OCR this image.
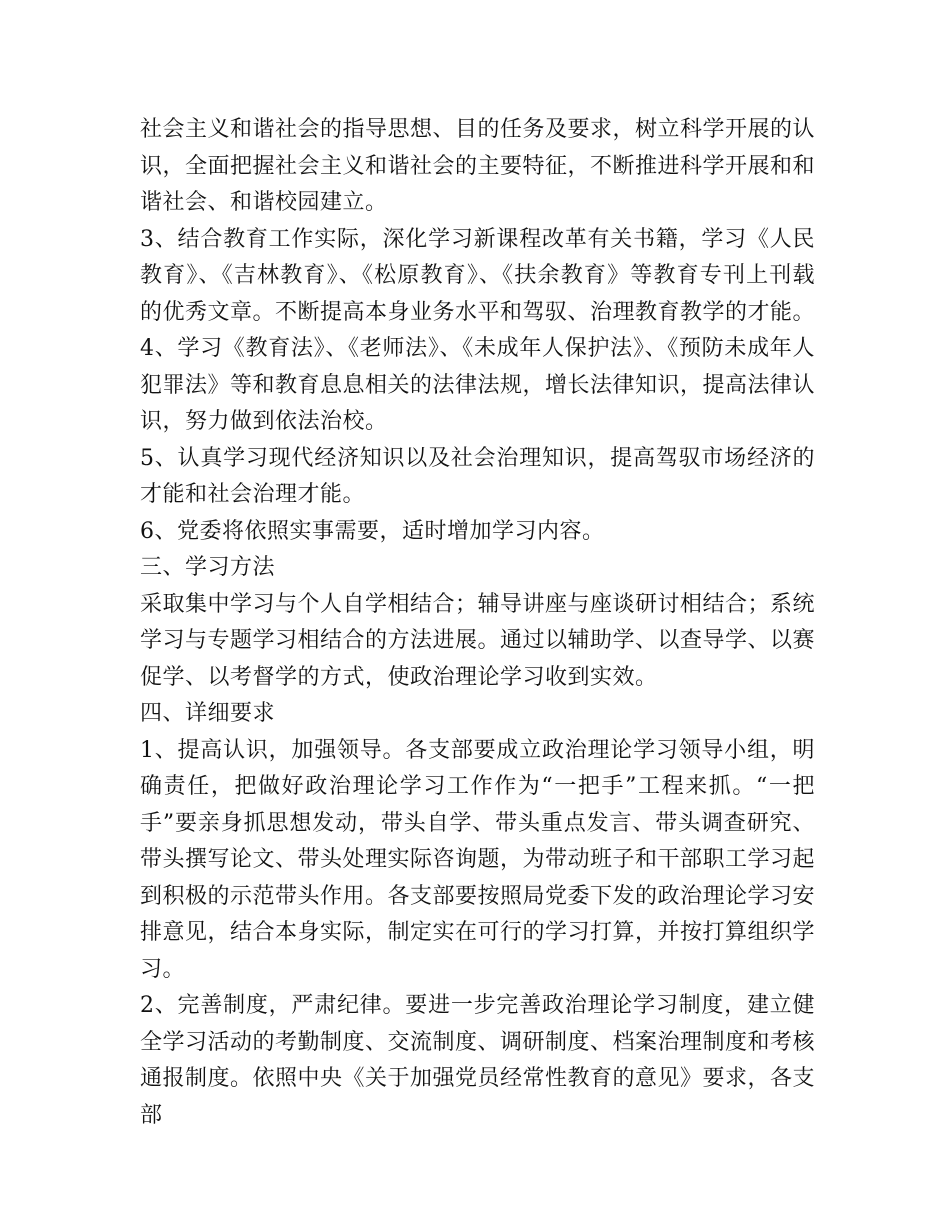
社会主义和谐社会的指导思想、目的任务及要求，树立科学开展的认识，全面把握社会主义和谐社会的主要特征，不断推进科学开展和和谐社会、和谐校园建立。

3、结合教育工作实际，深化学习新课程改革有关书籍，学习《人民教育》、《吉林教育》、《松原教育》、《扶余教育》等教育专刊上刊载的优秀文章。不断提高本身业务水平和驾驭、治理教育教学的才能。

4、学习《教育法》、《老师法》、《未成年人保护法》、《预防未成年人犯罪法》等和教育息息相关的法律法规，增长法律知识，提高法律认识，努力做到依法治校。

5、认真学习现代经济知识以及社会治理知识，提高驾驭市场经济的才能和社会治理才能。

6、党委将依照实事需要，适时增加学习内容。

三、学习方法

采取集中学习与个人自学相结合；辅导讲座与座谈研讨相结合；系统学习与专题学习相结合的方法进展。通过以辅助学、以查导学、以赛促学、以考督学的方式，使政治理论学习收到实效。

四、详细要求

1、提高认识，加强领导。各支部要成立政治理论学习领导小组，明确责任，把做好政治理论学习工作作为“一把手”工程来抓。“一把手”要亲身抓思想发动，带头自学、带头重点发言、带头调查研究、带头撰写论文、带头处理实际咨询题，为带动班子和干部职工学习起到积极的示范带头作用。各支部要按照局党委下发的政治理论学习安排意见，结合本身实际，制定实在可行的学习打算，并按打算组织学习。

2、完善制度，严肃纪律。要进一步完善政治理论学习制度，建立健全学习活动的考勤制度、交流制度、调研制度、档案治理制度和考核通报制度。依照中央《关于加强党员经常性教育的意见》要求，各支部
